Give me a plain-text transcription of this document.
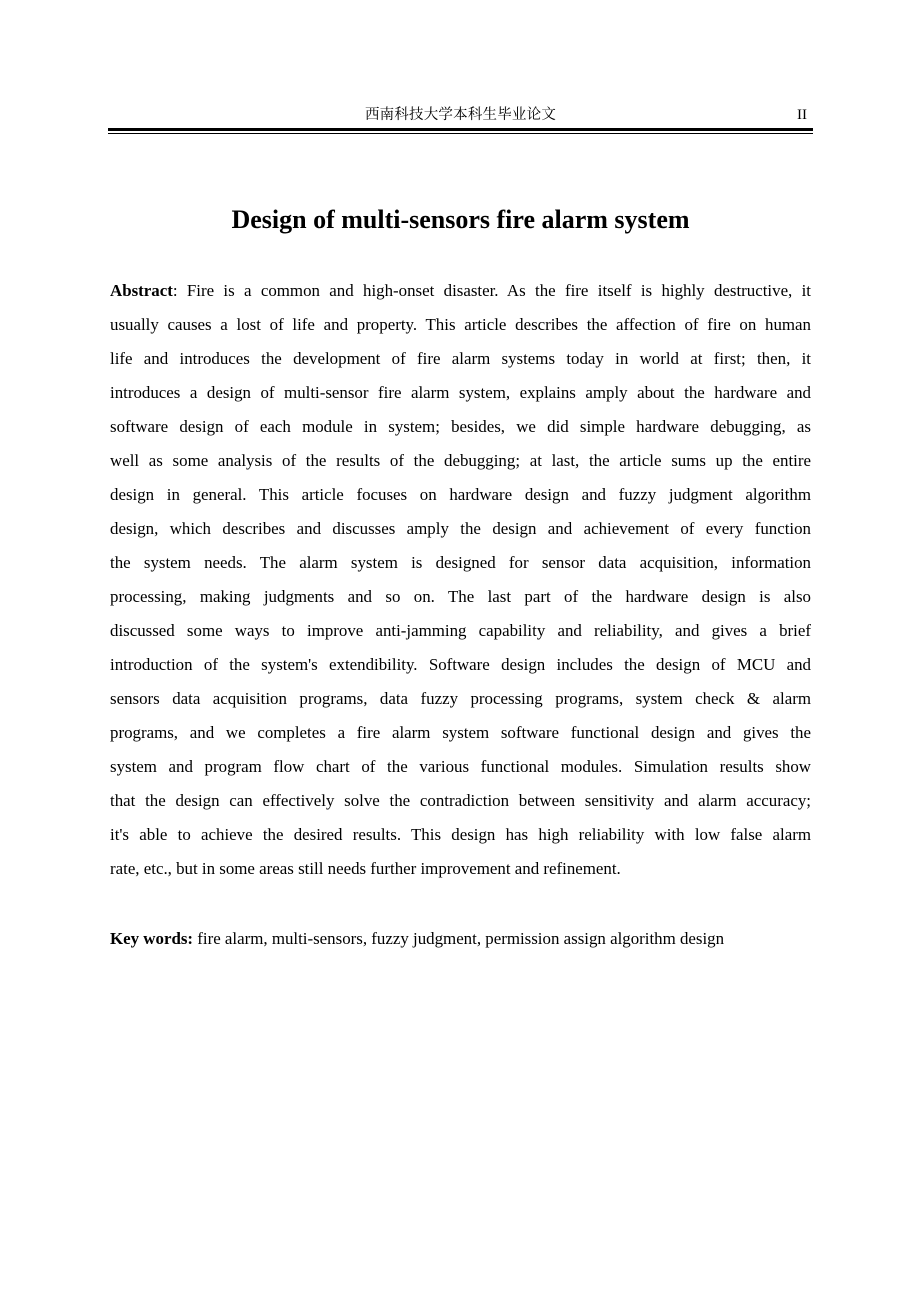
西南科技大学本科生毕业论文	II
Design of multi-sensors fire alarm system
Abstract: Fire is a common and high-onset disaster. As the fire itself is highly destructive, it
usually causes a lost of life and property. This article describes the affection of fire on human
life and introduces the development of fire alarm systems today in world at first; then, it
introduces a design of multi-sensor fire alarm system, explains amply about the hardware and
software design of each module in system; besides, we did simple hardware debugging, as
well as some analysis of the results of the debugging; at last, the article sums up the entire
design in general. This article focuses on hardware design and fuzzy judgment algorithm
design, which describes and discusses amply the design and achievement of every function
the system needs. The alarm system is designed for sensor data acquisition, information
processing, making judgments and so on. The last part of the hardware design is also
discussed some ways to improve anti-jamming capability and reliability, and gives a brief
introduction of the system's extendibility. Software design includes the design of MCU and
sensors data acquisition programs, data fuzzy processing programs, system check & alarm
programs, and we completes a fire alarm system software functional design and gives the
system and program flow chart of the various functional modules. Simulation results show
that the design can effectively solve the contradiction between sensitivity and alarm accuracy;
it's able to achieve the desired results. This design has high reliability with low false alarm
rate, etc., but in some areas still needs further improvement and refinement.
Key words: fire alarm, multi-sensors, fuzzy judgment, permission assign algorithm design
